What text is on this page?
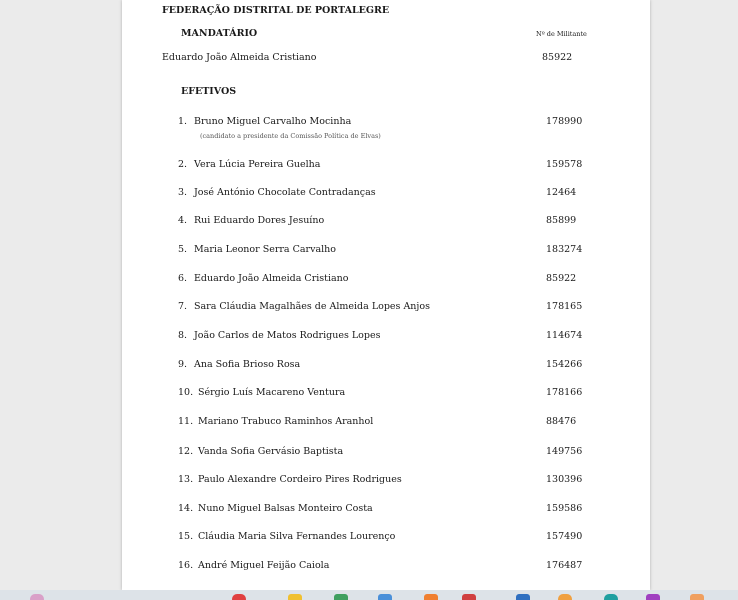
FEDERAÇÃO DISTRITAL DE PORTALEGRE
MANDATÁRIO	Nº de Militante
Eduardo João Almeida Cristiano	85922
EFETIVOS
1. Bruno Miguel Carvalho Mocinha	178990
(candidato a presidente da Comissão Política de Elvas)
2. Vera Lúcia Pereira Guelha	159578
3. José António Chocolate Contradanças	12464
4. Rui Eduardo Dores Jesuíno	85899
5. Maria Leonor Serra Carvalho	183274
6. Eduardo João Almeida Cristiano	85922
7. Sara Cláudia Magalhães de Almeida Lopes Anjos	178165
8. João Carlos de Matos Rodrigues Lopes	114674
9. Ana Sofia Brioso Rosa	154266
10. Sérgio Luís Macareno Ventura	178166
11. Mariano Trabuco Raminhos Aranhol	88476
12. Vanda Sofia Gervásio Baptista	149756
13. Paulo Alexandre Cordeiro Pires Rodrigues	130396
14. Nuno Miguel Balsas Monteiro Costa	159586
15. Cláudia Maria Silva Fernandes Lourenço	157490
16. André Miguel Feijão Caiola	176487
